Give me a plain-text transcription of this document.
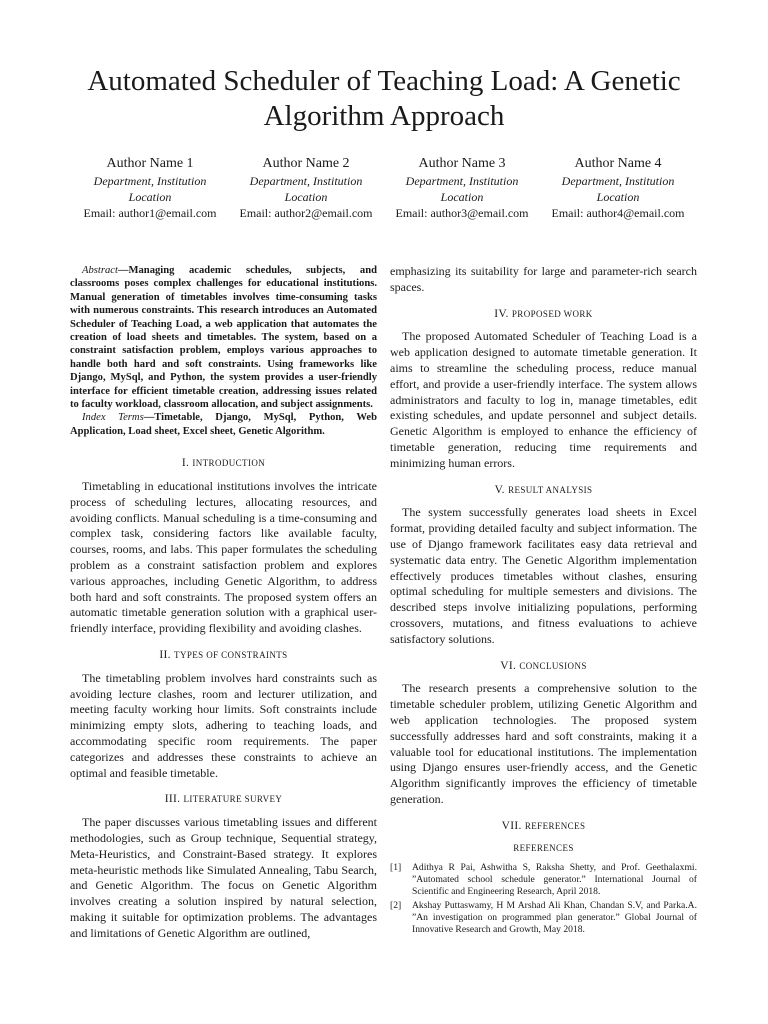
Automated Scheduler of Teaching Load: A Genetic Algorithm Approach
Author Name 1
Department, Institution
Location
Email: author1@email.com
Author Name 2
Department, Institution
Location
Email: author2@email.com
Author Name 3
Department, Institution
Location
Email: author3@email.com
Author Name 4
Department, Institution
Location
Email: author4@email.com

Abstract—Managing academic schedules, subjects, and classrooms poses complex challenges for educational institutions. Manual generation of timetables involves time-consuming tasks with numerous constraints. This research introduces an Automated Scheduler of Teaching Load, a web application that automates the creation of load sheets and timetables. The system, based on a constraint satisfaction problem, employs various approaches to handle both hard and soft constraints. Using frameworks like Django, MySql, and Python, the system provides a user-friendly interface for efficient timetable creation, addressing issues related to faculty workload, classroom allocation, and subject assignments.

Index Terms—Timetable, Django, MySql, Python, Web Application, Load sheet, Excel sheet, Genetic Algorithm.

I. INTRODUCTION

Timetabling in educational institutions involves the intricate process of scheduling lectures, allocating resources, and avoiding conflicts. Manual scheduling is a time-consuming and complex task, considering factors like available faculty, courses, rooms, and labs. This paper formulates the scheduling problem as a constraint satisfaction problem and explores various approaches, including Genetic Algorithm, to address both hard and soft constraints. The proposed system offers an automatic timetable generation solution with a graphical user-friendly interface, providing flexibility and avoiding clashes.

II. TYPES OF CONSTRAINTS

The timetabling problem involves hard constraints such as avoiding lecture clashes, room and lecturer utilization, and meeting faculty working hour limits. Soft constraints include minimizing empty slots, adhering to teaching loads, and accommodating specific room requirements. The paper categorizes and addresses these constraints to achieve an optimal and feasible timetable.

III. LITERATURE SURVEY

The paper discusses various timetabling issues and different methodologies, such as Group technique, Sequential strategy, Meta-Heuristics, and Constraint-Based strategy. It explores meta-heuristic methods like Simulated Annealing, Tabu Search, and Genetic Algorithm. The focus on Genetic Algorithm involves creating a solution inspired by natural selection, making it suitable for optimization problems. The advantages and limitations of Genetic Algorithm are outlined,

emphasizing its suitability for large and parameter-rich search spaces.

IV. PROPOSED WORK

The proposed Automated Scheduler of Teaching Load is a web application designed to automate timetable generation. It aims to streamline the scheduling process, reduce manual effort, and provide a user-friendly interface. The system allows administrators and faculty to log in, manage timetables, edit existing schedules, and update personnel and subject details. Genetic Algorithm is employed to enhance the efficiency of timetable generation, reducing time requirements and minimizing human errors.

V. RESULT ANALYSIS

The system successfully generates load sheets in Excel format, providing detailed faculty and subject information. The use of Django framework facilitates easy data retrieval and systematic data entry. The Genetic Algorithm implementation effectively produces timetables without clashes, ensuring optimal scheduling for multiple semesters and divisions. The described steps involve initializing populations, performing crossovers, mutations, and fitness evaluations to achieve satisfactory solutions.

VI. CONCLUSIONS

The research presents a comprehensive solution to the timetable scheduler problem, utilizing Genetic Algorithm and web application technologies. The proposed system successfully addresses hard and soft constraints, making it a valuable tool for educational institutions. The implementation using Django ensures user-friendly access, and the Genetic Algorithm significantly improves the efficiency of timetable generation.

VII. REFERENCES
REFERENCES
[1]	Adithya R Pai, Ashwitha S, Raksha Shetty, and Prof. Geethalaxmi. ”Automated school schedule generator.” International Journal of Scientific and Engineering Research, April 2018.
[2]	Akshay Puttaswamy, H M Arshad Ali Khan, Chandan S.V, and Parka.A. ”An investigation on programmed plan generator.” Global Journal of Innovative Research and Growth, May 2018.
